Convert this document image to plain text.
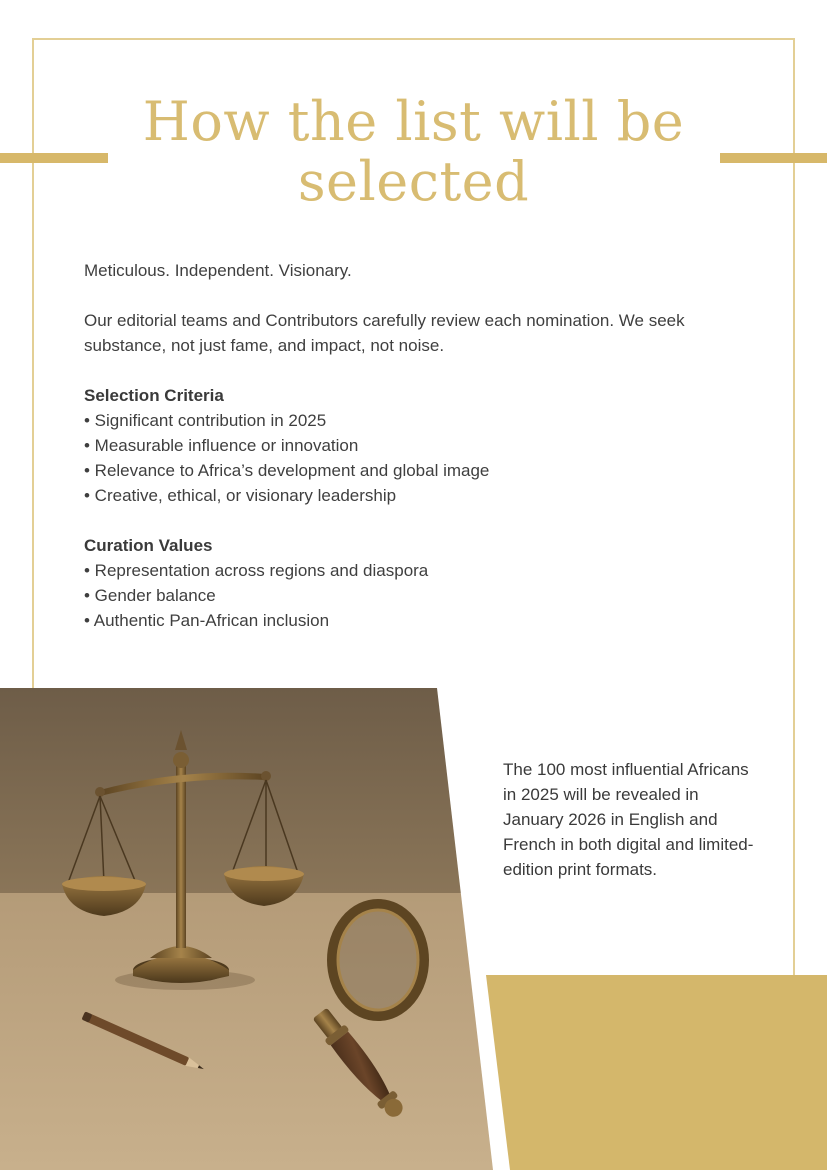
How the list will be selected

Meticulous. Independent. Visionary.

Our editorial teams and Contributors carefully review each nomination. We seek substance, not just fame, and impact, not noise.

Selection Criteria

• Significant contribution in 2025

• Measurable influence or innovation

• Relevance to Africa’s development and global image

• Creative, ethical, or visionary leadership

Curation Values

• Representation across regions and diaspora

• Gender balance

• Authentic Pan-African inclusion

The 100 most influential Africans in 2025 will be revealed in January 2026 in English and French in both digital and limited-edition print formats.
